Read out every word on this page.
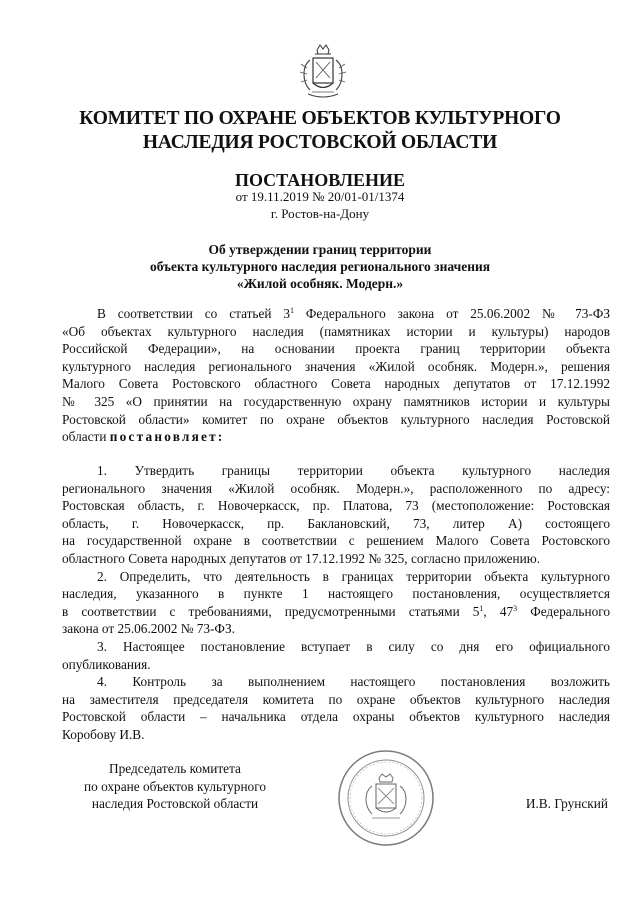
КОМИТЕТ ПО ОХРАНЕ ОБЪЕКТОВ КУЛЬТУРНОГО
НАСЛЕДИЯ РОСТОВСКОЙ ОБЛАСТИ
ПОСТАНОВЛЕНИЕ
от 19.11.2019 № 20/01-01/1374
г. Ростов-на-Дону
Об утверждении границ территории
объекта культурного наследия регионального значения
«Жилой особняк. Модерн.»
В соответствии со статьей $3^1$ Федерального закона от 25.06.2002 № 73-ФЗ
«Об объектах культурного наследия (памятниках истории и культуры) народов
Российской Федерации», на основании проекта границ территории объекта
культурного наследия регионального значения «Жилой особняк. Модерн.», решения
Малого Совета Ростовского областного Совета народных депутатов от 17.12.1992
№ 325 «О принятии на государственную охрану памятников истории и культуры
Ростовской области» комитет по охране объектов культурного наследия Ростовской
области постановляет:
1. Утвердить границы территории объекта культурного наследия
регионального значения «Жилой особняк. Модерн.», расположенного по адресу:
Ростовская область, г. Новочеркасск, пр. Платова, 73 (местоположение: Ростовская
область, г. Новочеркасск, пр. Баклановский, 73, литер А) состоящего
на государственной охране в соответствии с решением Малого Совета Ростовского
областного Совета народных депутатов от 17.12.1992 № 325, согласно приложению.
2. Определить, что деятельность в границах территории объекта культурного
наследия, указанного в пункте 1 настоящего постановления, осуществляется
в соответствии с требованиями, предусмотренными статьями $5^1$, $47^3$ Федерального
закона от 25.06.2002 № 73-ФЗ.
3. Настоящее постановление вступает в силу со дня его официального
опубликования.
4. Контроль за выполнением настоящего постановления возложить
на заместителя председателя комитета по охране объектов культурного наследия
Ростовской области – начальника отдела охраны объектов культурного наследия
Коробову И.В.
Председатель комитета
по охране объектов культурного
наследия Ростовской области	И.В. Грунский
